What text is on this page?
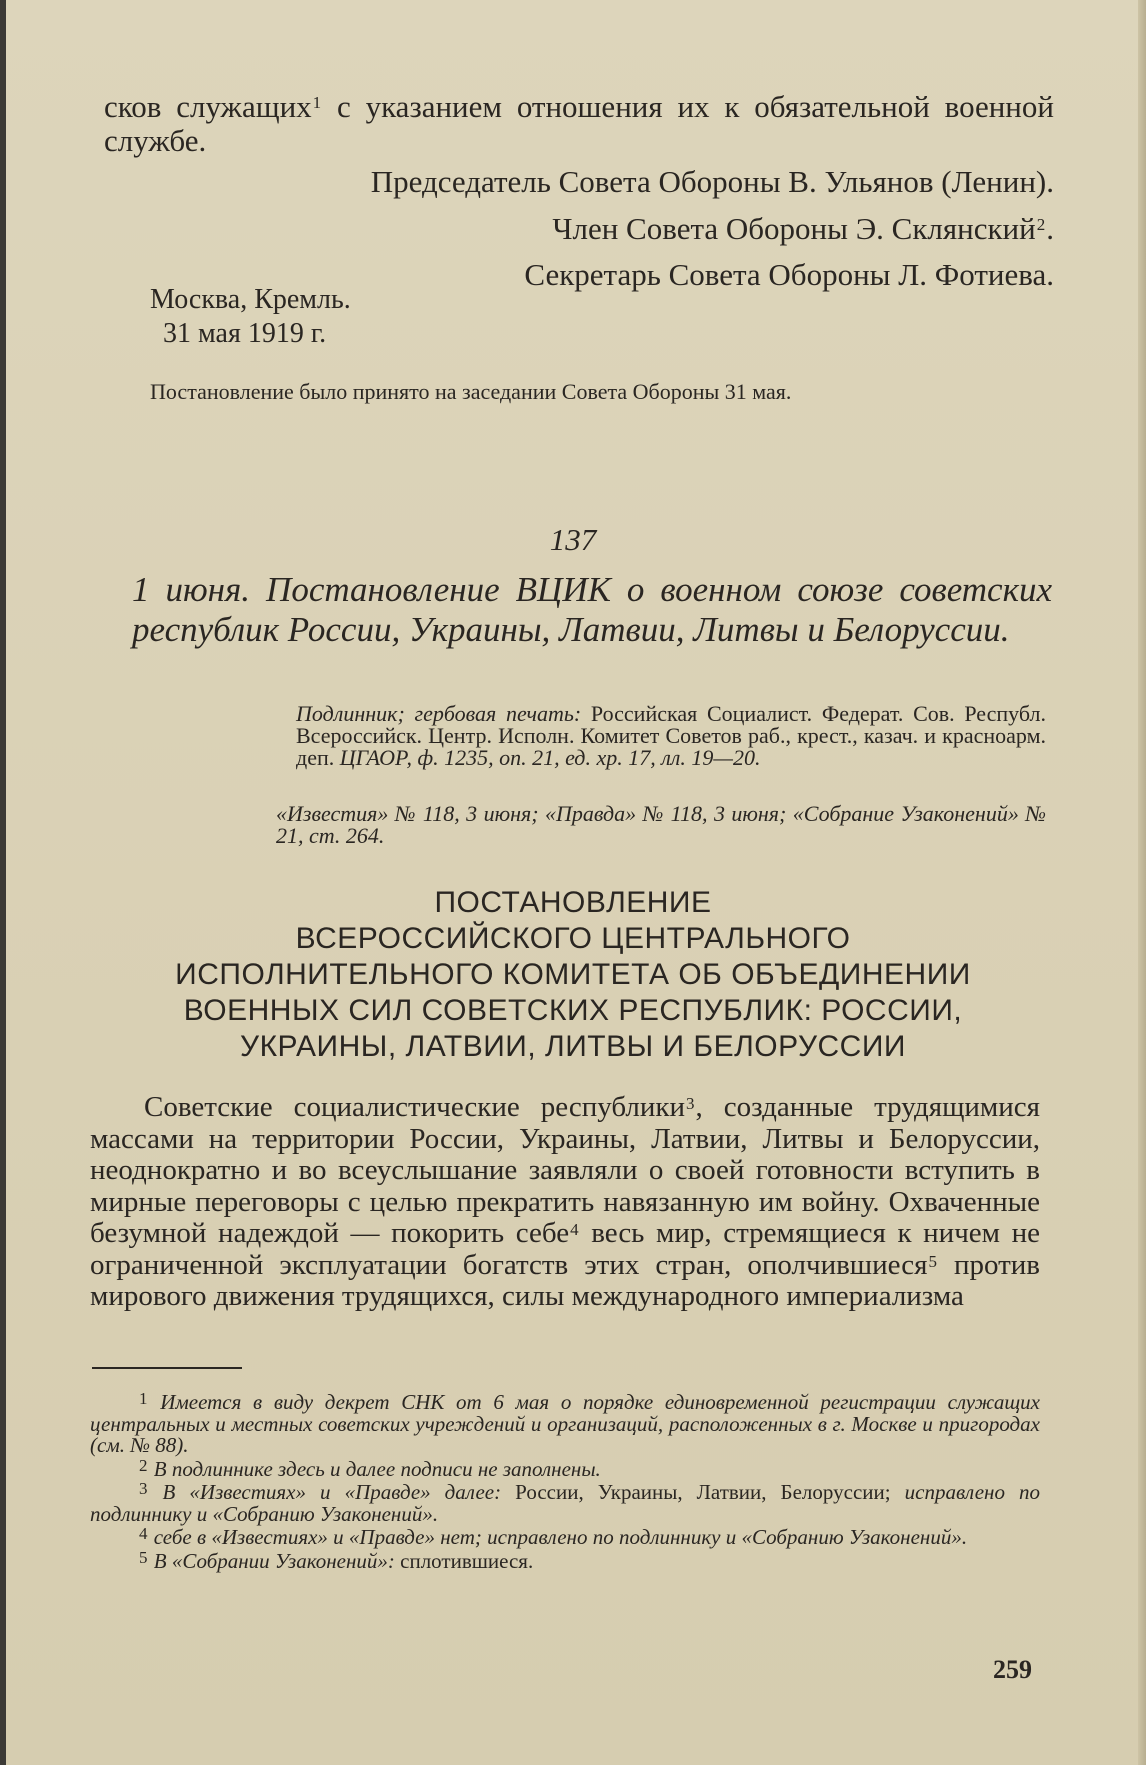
сков служащих$^1$ с указанием отношения их к обязательной военной службе.
Председатель Совета Обороны В. Ульянов (Ленин).
Член Совета Обороны Э. Склянский$^2$.
Секретарь Совета Обороны Л. Фотиева.
Москва, Кремль.
31 мая 1919 г.
Постановление было принято на заседании Совета Обороны 31 мая.
137
1 июня. Постановление ВЦИК о военном союзе советских республик России, Украины, Латвии, Литвы и Белоруссии.
Подлинник; гербовая печать: Российская Социалист. Федерат. Сов. Республ. Всероссийск. Центр. Исполн. Комитет Советов раб., крест., казач. и красноарм. деп. ЦГАОР, ф. 1235, оп. 21, ед. хр. 17, лл. 19—20.
«Известия» № 118, 3 июня; «Правда» № 118, 3 июня; «Собрание Узаконений» № 21, ст. 264.
ПОСТАНОВЛЕНИЕ
ВСЕРОССИЙСКОГО ЦЕНТРАЛЬНОГО
ИСПОЛНИТЕЛЬНОГО КОМИТЕТА ОБ ОБЪЕДИНЕНИИ
ВОЕННЫХ СИЛ СОВЕТСКИХ РЕСПУБЛИК: РОССИИ,
УКРАИНЫ, ЛАТВИИ, ЛИТВЫ И БЕЛОРУССИИ
Советские социалистические республики$^3$, созданные трудящимися массами на территории России, Украины, Латвии, Литвы и Белоруссии, неоднократно и во всеуслышание заявляли о своей готовности вступить в мирные переговоры с целью прекратить навязанную им войну. Охваченные безумной надеждой — покорить себе$^4$ весь мир, стремящиеся к ничем не ограниченной эксплуатации богатств этих стран, ополчившиеся$^5$ против мирового движения трудящихся, силы международного империализма

$^1$ Имеется в виду декрет СНК от 6 мая о порядке единовременной регистрации служащих центральных и местных советских учреждений и организаций, расположенных в г. Москве и пригородах (см. № 88).

$^2$ В подлиннике здесь и далее подписи не заполнены.

$^3$ В «Известиях» и «Правде» далее: России, Украины, Латвии, Белоруссии; исправлено по подлиннику и «Собранию Узаконений».

$^4$ себе в «Известиях» и «Правде» нет; исправлено по подлиннику и «Собранию Узаконений».

$^5$ В «Собрании Узаконений»: сплотившиеся.

259
